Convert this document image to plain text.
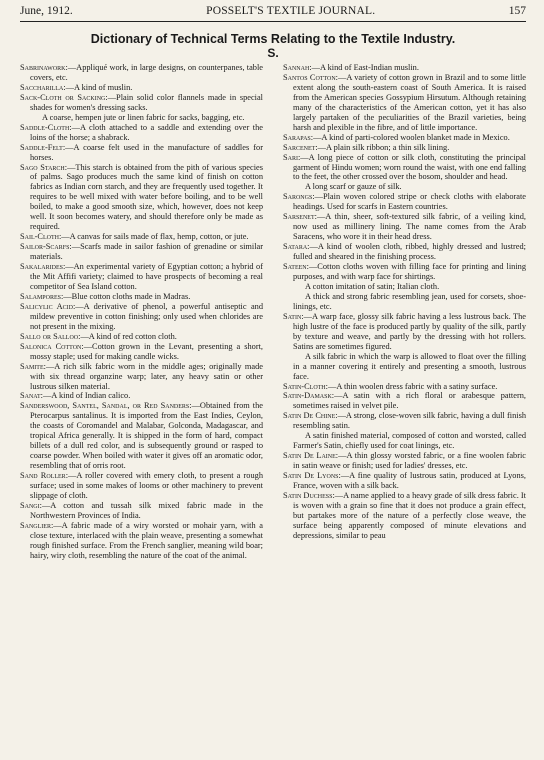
June, 1912.	POSSELT'S TEXTILE JOURNAL.	157
Dictionary of Technical Terms Relating to the Textile Industry.
S.

Sabrinawork:—Appliqué work, in large designs, on counterpanes, table covers, etc.

Saccharilla:—A kind of muslin.

Sack-Cloth or Sacking:—Plain solid color flannels made in special shades for women's dressing sacks.

A coarse, hempen jute or linen fabric for sacks, bagging, etc.

Saddle-Cloth:—A cloth attached to a saddle and extending over the loins of the horse; a shabrack.

Saddle-Felt:—A coarse felt used in the manufacture of saddles for horses.

Sago Starch:—This starch is obtained from the pith of various species of palms. Sago produces much the same kind of finish on cotton fabrics as Indian corn starch, and they are frequently used together. It requires to be well mixed with water before boiling, and to be well boiled, to make a good smooth size, which, however, does not keep well. It soon becomes watery, and should therefore only be made as required.

Sail-Cloth:—A canvas for sails made of flax, hemp, cotton, or jute.

Sailor-Scarfs:—Scarfs made in sailor fashion of grenadine or similar materials.

Sakalarides:—An experimental variety of Egyptian cotton; a hybrid of the Mit Affifi variety; claimed to have prospects of becoming a real competitor of Sea Island cotton.

Salampores:—Blue cotton cloths made in Madras.

Salicylic Acid:—A derivative of phenol, a powerful antiseptic and mildew preventive in cotton finishing; only used when chlorides are not present in the mixing.

Sallo or Salloo:—A kind of red cotton cloth.

Salonica Cotton:—Cotton grown in the Levant, presenting a short, mossy staple; used for making candle wicks.

Samite:—A rich silk fabric worn in the middle ages; originally made with six thread organzine warp; later, any heavy satin or other lustrous silken material.

Sanat:—A kind of Indian calico.

Sanderswood, Santel, Sandal, or Red Sanders:—Obtained from the Pterocarpus santalinus. It is imported from the East Indies, Ceylon, the coasts of Coromandel and Malabar, Golconda, Madagascar, and tropical Africa generally. It is shipped in the form of hard, compact billets of a dull red color, and is subsequently ground or rasped to coarse powder. When boiled with water it gives off an aromatic odor, resembling that of orris root.

Sand Roller:—A roller covered with emery cloth, to present a rough surface; used in some makes of looms or other machinery to prevent slippage of cloth.

Sangi:—A cotton and tussah silk mixed fabric made in the Northwestern Provinces of India.

Sanglier:—A fabric made of a wiry worsted or mohair yarn, with a close texture, interlaced with the plain weave, presenting a somewhat rough finished surface. From the French sanglier, meaning wild boar; hairy, wiry cloth, resembling the nature of the coat of the animal.

Sannah:—A kind of East-Indian muslin.

Santos Cotton:—A variety of cotton grown in Brazil and to some little extent along the south-eastern coast of South America. It is raised from the American species Gossypium Hirsutum. Although retaining many of the characteristics of the American cotton, yet it has also largely partaken of the peculiarities of the Brazil varieties, being harsh and plexible in the fibre, and of little importance.

Sarapas:—A kind of parti-colored woolen blanket made in Mexico.

Sarcenet:—A plain silk ribbon; a thin silk lining.

Sari:—A long piece of cotton or silk cloth, constituting the principal garment of Hindu women; worn round the waist, with one end falling to the feet, the other crossed over the bosom, shoulder and head.

A long scarf or gauze of silk.

Sarongs:—Plain woven colored stripe or check cloths with elaborate headings. Used for scarfs in Eastern countries.

Sarsenet:—A thin, sheer, soft-textured silk fabric, of a veiling kind, now used as millinery lining. The name comes from the Arab Saracens, who wore it in their head dress.

Satara:—A kind of woolen cloth, ribbed, highly dressed and lustred; fulled and sheared in the finishing process.

Sateen:—Cotton cloths woven with filling face for printing and lining purposes, and with warp face for shirtings.

A cotton imitation of satin; Italian cloth.

A thick and strong fabric resembling jean, used for corsets, shoe-linings, etc.

Satin:—A warp face, glossy silk fabric having a less lustrous back. The high lustre of the face is produced partly by quality of the silk, partly by texture and weave, and partly by the dressing with hot rollers. Satins are sometimes figured.

A silk fabric in which the warp is allowed to float over the filling in a manner covering it entirely and presenting a smooth, lustrous face.

Satin-Cloth:—A thin woolen dress fabric with a satiny surface.

Satin-Damask:—A satin with a rich floral or arabesque pattern, sometimes raised in velvet pile.

Satin De Chine:—A strong, close-woven silk fabric, having a dull finish resembling satin.

A satin finished material, composed of cotton and worsted, called Farmer's Satin, chiefly used for coat linings, etc.

Satin De Laine:—A thin glossy worsted fabric, or a fine woolen fabric in satin weave or finish; used for ladies' dresses, etc.

Satin De Lyons:—A fine quality of lustrous satin, produced at Lyons, France, woven with a silk back.

Satin Duchess:—A name applied to a heavy grade of silk dress fabric. It is woven with a grain so fine that it does not produce a grain effect, but partakes more of the nature of a perfectly close weave, the surface being apparently composed of minute elevations and depressions, similar to peau
